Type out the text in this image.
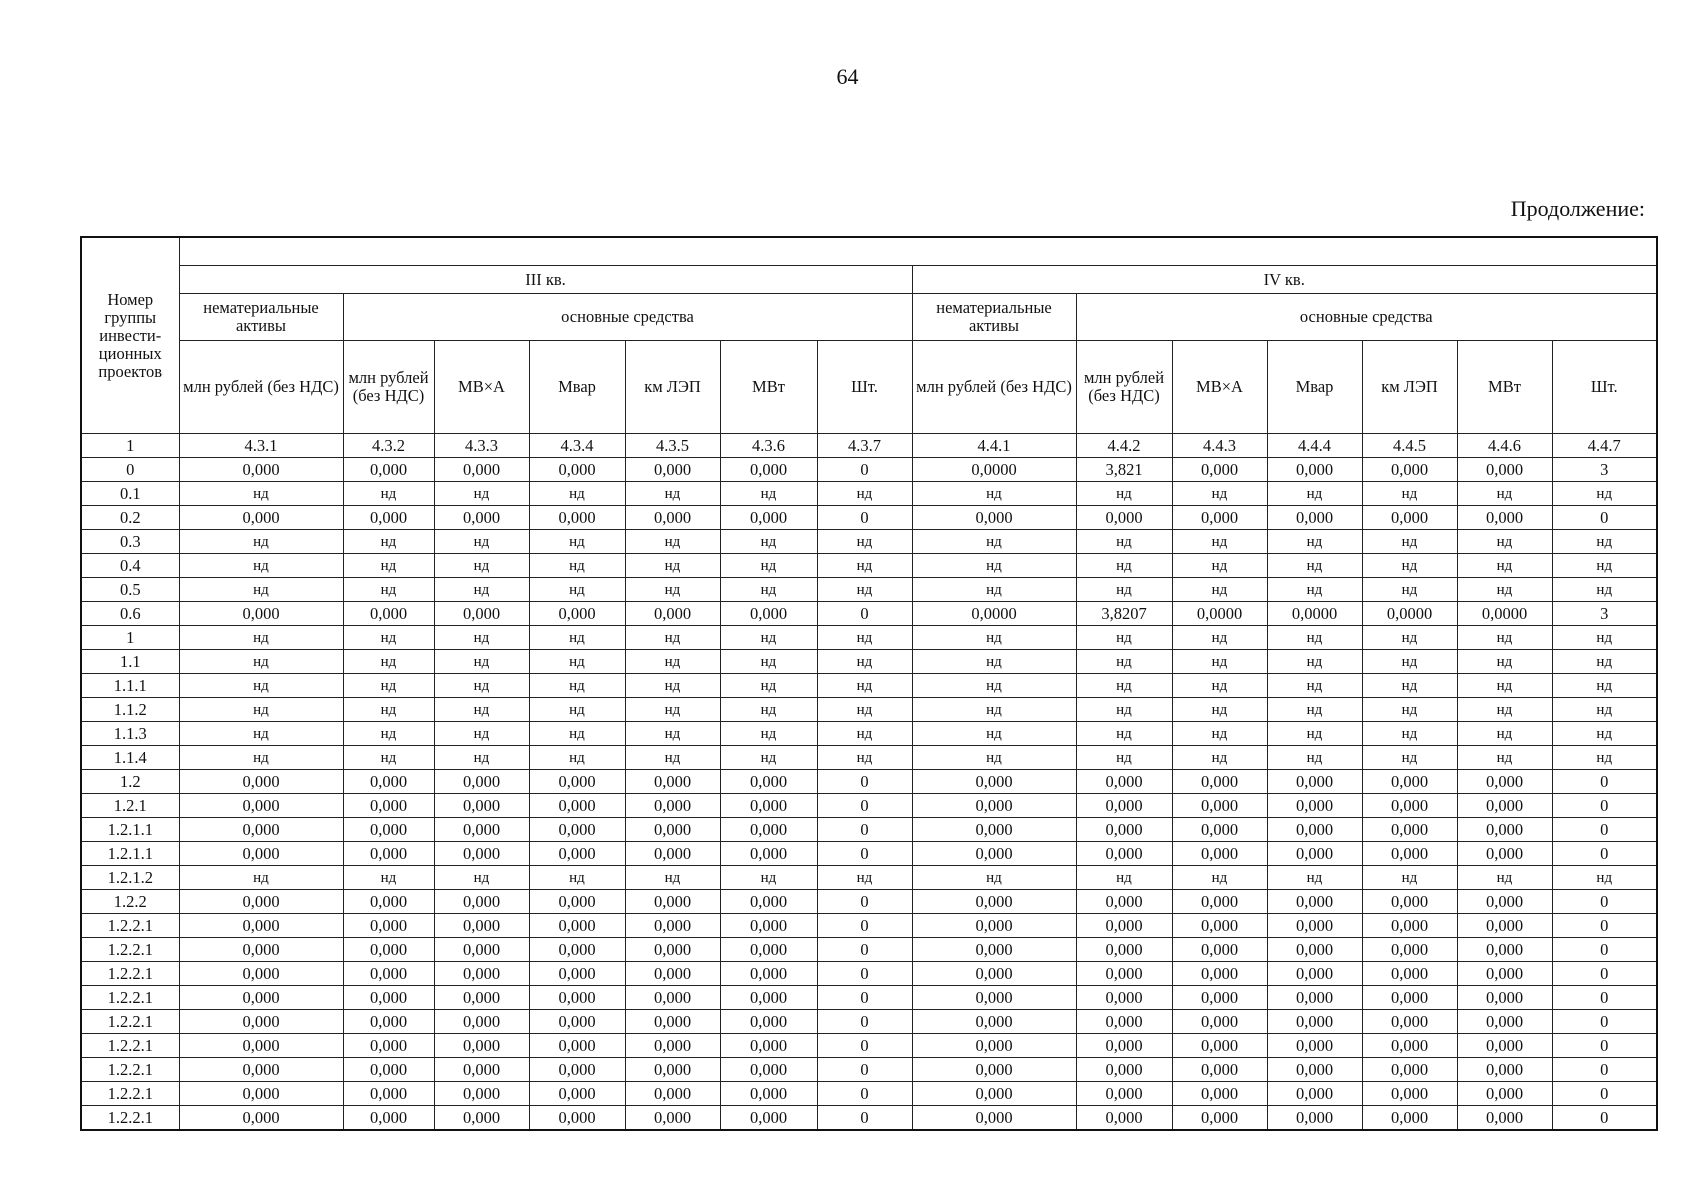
64
Продолжение:
Номер группы инвести-ционных проектов														
	III кв.							IV кв.						
	нематериальные активы	основные средства						нематериальные активы	основные средства					
	млн рублей (без НДС)	млн рублей (без НДС)	МВ×А	Мвар	км ЛЭП	МВт	Шт.	млн рублей (без НДС)	млн рублей (без НДС)	МВ×А	Мвар	км ЛЭП	МВт	Шт.
1	4.3.1	4.3.2	4.3.3	4.3.4	4.3.5	4.3.6	4.3.7	4.4.1	4.4.2	4.4.3	4.4.4	4.4.5	4.4.6	4.4.7
0	0,000	0,000	0,000	0,000	0,000	0,000	0	0,0000	3,821	0,000	0,000	0,000	0,000	3
0.1	нд	нд	нд	нд	нд	нд	нд	нд	нд	нд	нд	нд	нд	нд
0.2	0,000	0,000	0,000	0,000	0,000	0,000	0	0,000	0,000	0,000	0,000	0,000	0,000	0
0.3	нд	нд	нд	нд	нд	нд	нд	нд	нд	нд	нд	нд	нд	нд
0.4	нд	нд	нд	нд	нд	нд	нд	нд	нд	нд	нд	нд	нд	нд
0.5	нд	нд	нд	нд	нд	нд	нд	нд	нд	нд	нд	нд	нд	нд
0.6	0,000	0,000	0,000	0,000	0,000	0,000	0	0,0000	3,8207	0,0000	0,0000	0,0000	0,0000	3
1	нд	нд	нд	нд	нд	нд	нд	нд	нд	нд	нд	нд	нд	нд
1.1	нд	нд	нд	нд	нд	нд	нд	нд	нд	нд	нд	нд	нд	нд
1.1.1	нд	нд	нд	нд	нд	нд	нд	нд	нд	нд	нд	нд	нд	нд
1.1.2	нд	нд	нд	нд	нд	нд	нд	нд	нд	нд	нд	нд	нд	нд
1.1.3	нд	нд	нд	нд	нд	нд	нд	нд	нд	нд	нд	нд	нд	нд
1.1.4	нд	нд	нд	нд	нд	нд	нд	нд	нд	нд	нд	нд	нд	нд
1.2	0,000	0,000	0,000	0,000	0,000	0,000	0	0,000	0,000	0,000	0,000	0,000	0,000	0
1.2.1	0,000	0,000	0,000	0,000	0,000	0,000	0	0,000	0,000	0,000	0,000	0,000	0,000	0
1.2.1.1	0,000	0,000	0,000	0,000	0,000	0,000	0	0,000	0,000	0,000	0,000	0,000	0,000	0
1.2.1.1	0,000	0,000	0,000	0,000	0,000	0,000	0	0,000	0,000	0,000	0,000	0,000	0,000	0
1.2.1.2	нд	нд	нд	нд	нд	нд	нд	нд	нд	нд	нд	нд	нд	нд
1.2.2	0,000	0,000	0,000	0,000	0,000	0,000	0	0,000	0,000	0,000	0,000	0,000	0,000	0
1.2.2.1	0,000	0,000	0,000	0,000	0,000	0,000	0	0,000	0,000	0,000	0,000	0,000	0,000	0
1.2.2.1	0,000	0,000	0,000	0,000	0,000	0,000	0	0,000	0,000	0,000	0,000	0,000	0,000	0
1.2.2.1	0,000	0,000	0,000	0,000	0,000	0,000	0	0,000	0,000	0,000	0,000	0,000	0,000	0
1.2.2.1	0,000	0,000	0,000	0,000	0,000	0,000	0	0,000	0,000	0,000	0,000	0,000	0,000	0
1.2.2.1	0,000	0,000	0,000	0,000	0,000	0,000	0	0,000	0,000	0,000	0,000	0,000	0,000	0
1.2.2.1	0,000	0,000	0,000	0,000	0,000	0,000	0	0,000	0,000	0,000	0,000	0,000	0,000	0
1.2.2.1	0,000	0,000	0,000	0,000	0,000	0,000	0	0,000	0,000	0,000	0,000	0,000	0,000	0
1.2.2.1	0,000	0,000	0,000	0,000	0,000	0,000	0	0,000	0,000	0,000	0,000	0,000	0,000	0
1.2.2.1	0,000	0,000	0,000	0,000	0,000	0,000	0	0,000	0,000	0,000	0,000	0,000	0,000	0
